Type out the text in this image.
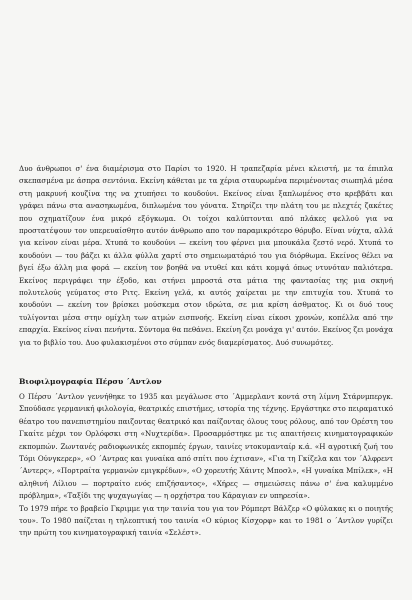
Δυο άνθρωποι σ' ένα διαμέρισμα στο Παρίσι το 1920. Η τραπεζαρία μένει κλειστή, με τα έπιπλα σκεπασμένα με άσπρα σεντόνια. Εκείνη κάθεται με τα χέρια σταυρωμένα περιμένοντας σιωπηλά μέσα στη μακρυνή κουζίνα της να χτυπήσει το κουδούνι. Εκείνος είναι ξαπλωμένος στο κρεββάτι και γράφει πάνω στα ανασηκωμένα, διπλωμένα του γόνατα. Στηρίζει την πλάτη του με πλεχτές ζακέτες που σχηματίζουν ένα μικρό εξόγκωμα. Οι τοίχοι καλύπτονται από πλάκες φελλού για να προστατέψουν τον υπερευαίσθητο αυτόν άνθρωπο απο τον παραμικρότερο θόρυβο. Είναι νύχτα, αλλά για κείνον είναι μέρα. Χτυπά το κουδούνι — εκείνη του φέρνει μια μπουκάλα ζεστό νερό. Χτυπά το κουδούνι — του βάζει κι άλλα φύλλα χαρτί στο σημειωματάριό του για διόρθωμα. Εκείνος θέλει να βγεί έξω άλλη μια φορά — εκείνη τον βοηθά να ντυθεί και κάτι κομψά όπως ντυνόταν παλιότερα. Εκείνος περιγράφει την έξοδο, και στήνει μπροστά στα μάτια της φαντασίας της μια σκηνή πολυτελούς γεύματος στο Ριτς. Εκείνη γελά, κι αυτός χαίρεται με την επιτυχία του. Χτυπά το κουδούνι — εκείνη τον βρίσκει μούσκεμα στον ιδρώτα, σε μια κρίση άσθματος. Κι οι δυό τους τυλίγονται μέσα στην ομίχλη των ατμών εισπνοής. Εκείνη είναι είκοσι χρονών, κοπέλλα από την επαρχία. Εκείνος είναι πενήντα. Σύντομα θα πεθάνει. Εκείνη ζει μονάχα γι' αυτόν. Εκείνος ζει μονάχα για το βιβλίο του. Δυο φυλακισμένοι στο σύμπαν ενός διαμερίσματος. Δυό συνωμότες.

Βιοφιλμογραφία Πέρσυ ´Αντλον

Ο Πέρσυ ´Αντλον γεννήθηκε το 1935 και μεγάλωσε στο ´Αμμερλαντ κοντά στη λίμνη Στάρνμπεργκ. Σπούδασε γερμανική φιλολογία, θεατρικές επιστήμες, ιστορία της τέχνης. Εργάστηκε στο πειραματικό θέατρο του πανεπιστημίου παιζοντας θεατρικό και παίζοντας όλους τους ρόλους, από τον Ορέστη του Γκαίτε μέχρι τον Ορλόφσκι στη «Νυχτερίδα». Προσαρμόστηκε με τις απαιτήσεις κινηματογραφικών εκπομπών. Ζωντανές ραδιοφωνικές εκπομπές έργων, ταινίες ντοκυμανταίρ κ.ά. «Η αγροτική ζωή του Τόμι Ούνγκερερ», «Ο ´Αντρας και γυναίκα από σπίτι που έχτισαν», «Για τη Γκίζελα και τον ´Αλφρεντ ´Αντερς», «Πορτραίτα γερμανών εμιγκρέδων», «Ο χορευτής Χάιντς Μποσλ», «Η γυναίκα Μπίλεκ», «Η αληθινή Λίλιου — πορτραίτο ενός επιζήσαντος», «Χήρες — σημειώσεις πάνω σ' ένα καλυμμένο πρόβλημα», «Ταξίδι της ψυχαγωγίας — η ορχήστρα του Κάραγιαν εν υπηρεσία».
Το 1979 πήρε το βραβείο Γκριμμε για την ταινία του για τον Ρόμπερτ Βάλζερ «Ο φύλακας κι ο ποιητής του». Το 1980 παίζεται η τηλεοπτική του ταινία «Ο κύριος Κίσχορφ» και το 1981 ο ´Αντλον γυρίζει την πρώτη του κινηματογραφική ταινία «Σελέστ».
